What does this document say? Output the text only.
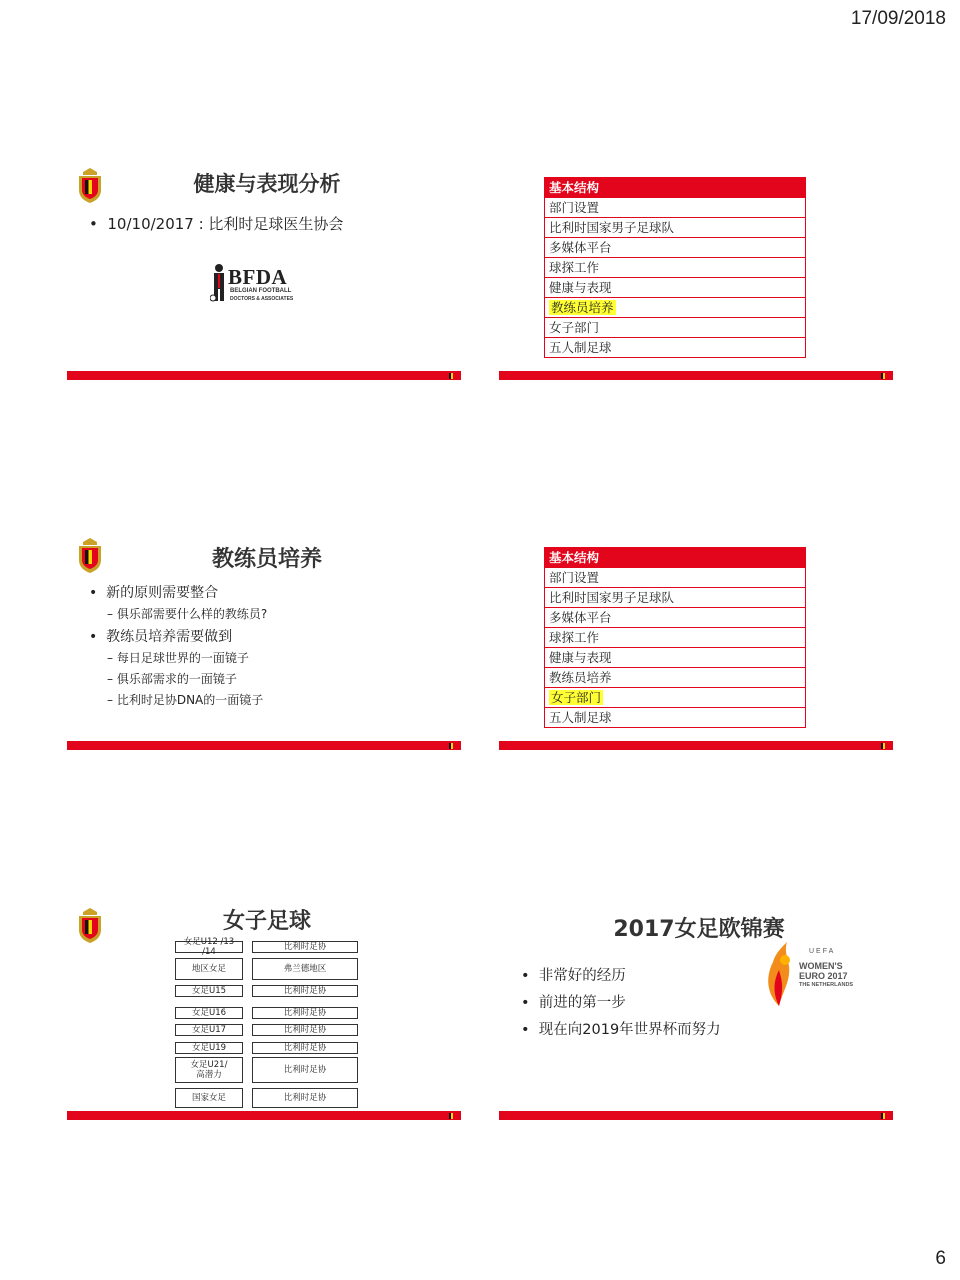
17/09/2018
健康与表现分析
•  10/10/2017 : 比利时足球医生协会
BFDA
BELGIAN FOOTBALL
DOCTORS & ASSOCIATES
基本结构
部门设置
比利时国家男子足球队
多媒体平台
球探工作
健康与表现
教练员培养
女子部门
五人制足球
教练员培养
•  新的原则需要整合
– 俱乐部需要什么样的教练员?
•  教练员培养需要做到
– 每日足球世界的一面镜子
– 俱乐部需求的一面镜子
– 比利时足协DNA的一面镜子
基本结构
部门设置
比利时国家男子足球队
多媒体平台
球探工作
健康与表现
教练员培养
女子部门
五人制足球
女子足球
女足U12 /13 /14	比利时足协
地区女足	弗兰德地区
女足U15	比利时足协
女足U16	比利时足协
女足U17	比利时足协
女足U19	比利时足协
女足U21/
高潜力	比利时足协
国家女足	比利时足协
2017女足欧锦赛
•  非常好的经历
•  前进的第一步
•  现在向2019年世界杯而努力
UEFA
WOMEN'S
EURO 2017
THE NETHERLANDS
6
